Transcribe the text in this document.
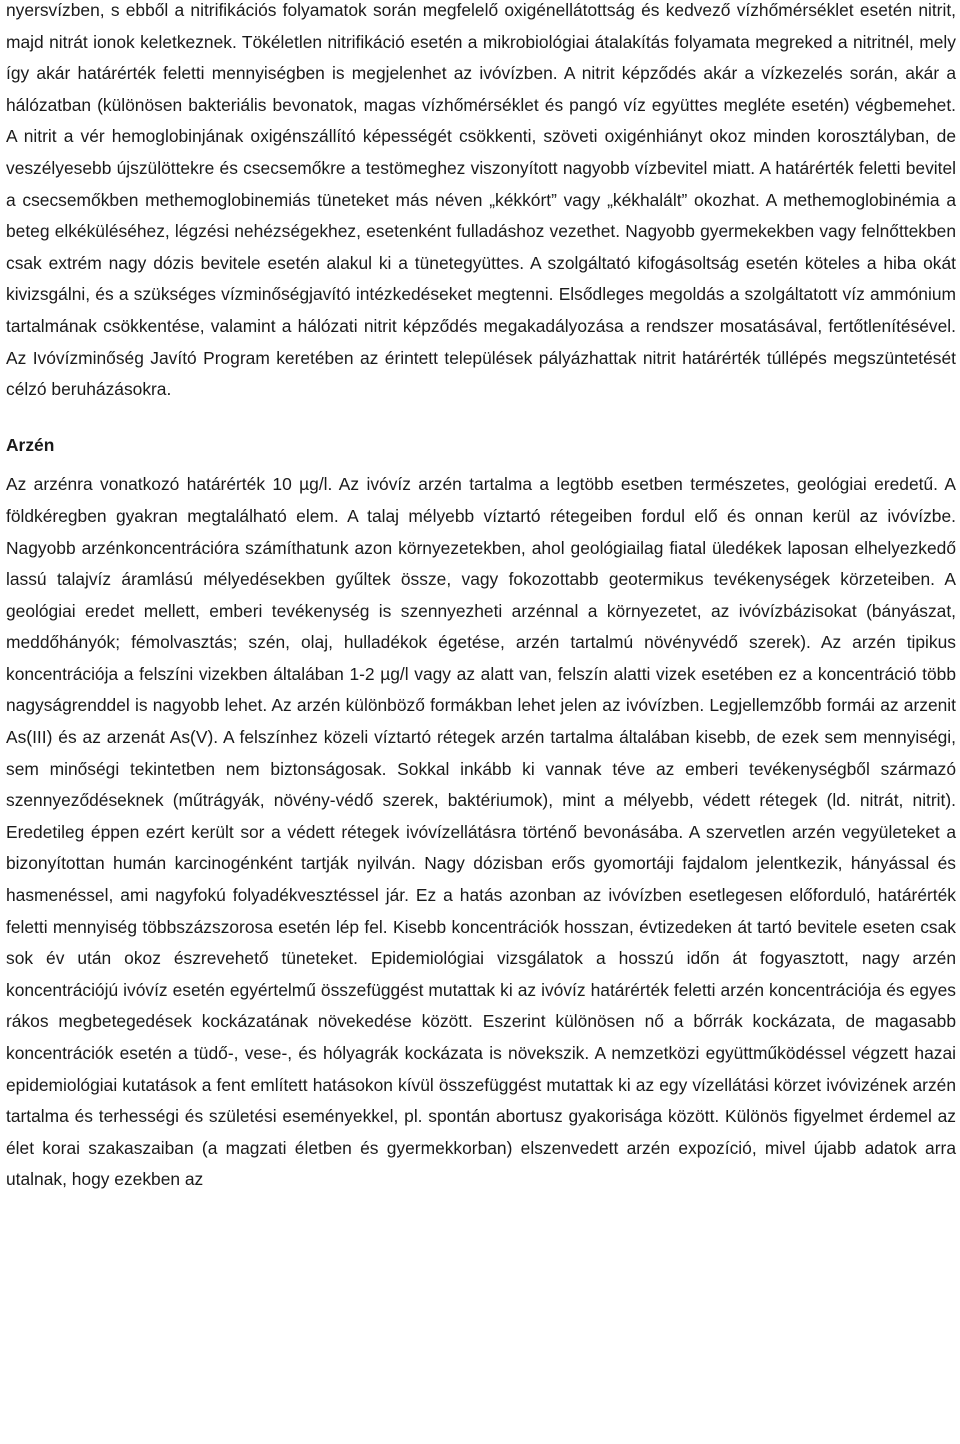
nyersvízben, s ebből a nitrifikációs folyamatok során megfelelő oxigénellátottság és kedvező vízhőmérséklet esetén nitrit, majd nitrát ionok keletkeznek. Tökéletlen nitrifikáció esetén a mikrobiológiai átalakítás folyamata megreked a nitritnél, mely így akár határérték feletti mennyiségben is megjelenhet az ivóvízben. A nitrit képződés akár a vízkezelés során, akár a hálózatban (különösen bakteriális bevonatok, magas vízhőmérséklet és pangó víz együttes megléte esetén) végbemehet. A nitrit a vér hemoglobinjának oxigénszállító képességét csökkenti, szöveti oxigénhiányt okoz minden korosztályban, de veszélyesebb újszülöttekre és csecsemőkre a testömeghez viszonyított nagyobb vízbevitel miatt. A határérték feletti bevitel a csecsemőkben methemoglobinemiás tüneteket más néven „kékkórt” vagy „kékhalált” okozhat. A methemoglobinémia a beteg elkéküléséhez, légzési nehézségekhez, esetenként fulladáshoz vezethet. Nagyobb gyermekekben vagy felnőttekben csak extrém nagy dózis bevitele esetén alakul ki a tünetegyüttes. A szolgáltató kifogásoltság esetén köteles a hiba okát kivizsgálni, és a szükséges vízminőségjavító intézkedéseket megtenni. Elsődleges megoldás a szolgáltatott víz ammónium tartalmának csökkentése, valamint a hálózati nitrit képződés megakadályozása a rendszer mosatásával, fertőtlenítésével. Az Ivóvízminőség Javító Program keretében az érintett települések pályázhattak nitrit határérték túllépés megszüntetését célzó beruházásokra.

Arzén

Az arzénra vonatkozó határérték 10 µg/l. Az ivóvíz arzén tartalma a legtöbb esetben természetes, geológiai eredetű. A földkéregben gyakran megtalálható elem. A talaj mélyebb víztartó rétegeiben fordul elő és onnan kerül az ivóvízbe. Nagyobb arzénkoncentrációra számíthatunk azon környezetekben, ahol geológiailag fiatal üledékek laposan elhelyezkedő lassú talajvíz áramlású mélyedésekben gyűltek össze, vagy fokozottabb geotermikus tevékenységek körzeteiben. A geológiai eredet mellett, emberi tevékenység is szennyezheti arzénnal a környezetet, az ivóvízbázisokat (bányászat, meddőhányók; fémolvasztás; szén, olaj, hulladékok égetése, arzén tartalmú növényvédő szerek). Az arzén tipikus koncentrációja a felszíni vizekben általában 1-2 µg/l vagy az alatt van, felszín alatti vizek esetében ez a koncentráció több nagyságrenddel is nagyobb lehet. Az arzén különböző formákban lehet jelen az ivóvízben. Legjellemzőbb formái az arzenit As(III) és az arzenát As(V). A felszínhez közeli víztartó rétegek arzén tartalma általában kisebb, de ezek sem mennyiségi, sem minőségi tekintetben nem biztonságosak. Sokkal inkább ki vannak téve az emberi tevékenységből származó szennyeződéseknek (műtrágyák, növény-védő szerek, baktériumok), mint a mélyebb, védett rétegek (ld. nitrát, nitrit). Eredetileg éppen ezért került sor a védett rétegek ivóvízellátásra történő bevonásába. A szervetlen arzén vegyületeket a bizonyítottan humán karcinogénként tartják nyilván. Nagy dózisban erős gyomortáji fajdalom jelentkezik, hányással és hasmenéssel, ami nagyfokú folyadékvesztéssel jár. Ez a hatás azonban az ivóvízben esetlegesen előforduló, határérték feletti mennyiség többszázszorosa esetén lép fel. Kisebb koncentrációk hosszan, évtizedeken át tartó bevitele eseten csak sok év után okoz észrevehető tüneteket. Epidemiológiai vizsgálatok a hosszú időn át fogyasztott, nagy arzén koncentrációjú ivóvíz esetén egyértelmű összefüggést mutattak ki az ivóvíz határérték feletti arzén koncentrációja és egyes rákos megbetegedések kockázatának növekedése között. Eszerint különösen nő a bőrrák kockázata, de magasabb koncentrációk esetén a tüdő-, vese-, és hólyagrák kockázata is növekszik. A nemzetközi együttműködéssel végzett hazai epidemiológiai kutatások a fent említett hatásokon kívül összefüggést mutattak ki az egy vízellátási körzet ivóvizének arzén tartalma és terhességi és születési eseményekkel, pl. spontán abortusz gyakorisága között. Különös figyelmet érdemel az élet korai szakaszaiban (a magzati életben és gyermekkorban) elszenvedett arzén expozíció, mivel újabb adatok arra utalnak, hogy ezekben az
